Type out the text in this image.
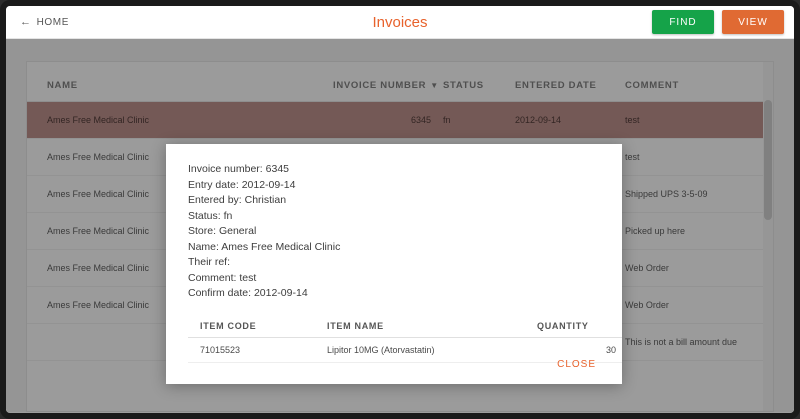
← HOME	Invoices	FIND	VIEW
NAME	INVOICE NUMBER ▼	STATUS	ENTERED DATE	COMMENT
Ames Free Medical Clinic	6345	fn	2012-09-14	test
Ames Free Medical Clinic				test
Ames Free Medical Clinic				Shipped UPS 3-5-09
Ames Free Medical Clinic				Picked up here
Ames Free Medical Clinic				Web Order
Ames Free Medical Clinic				Web Order
				This is not a bill amount due
Invoice number: 6345
Entry date: 2012-09-14
Entered by: Christian
Status: fn
Store: General
Name: Ames Free Medical Clinic
Their ref:
Comment: test
Confirm date: 2012-09-14
ITEM CODE	ITEM NAME	QUANTITY
71015523	Lipitor 10MG (Atorvastatin)	30
CLOSE
